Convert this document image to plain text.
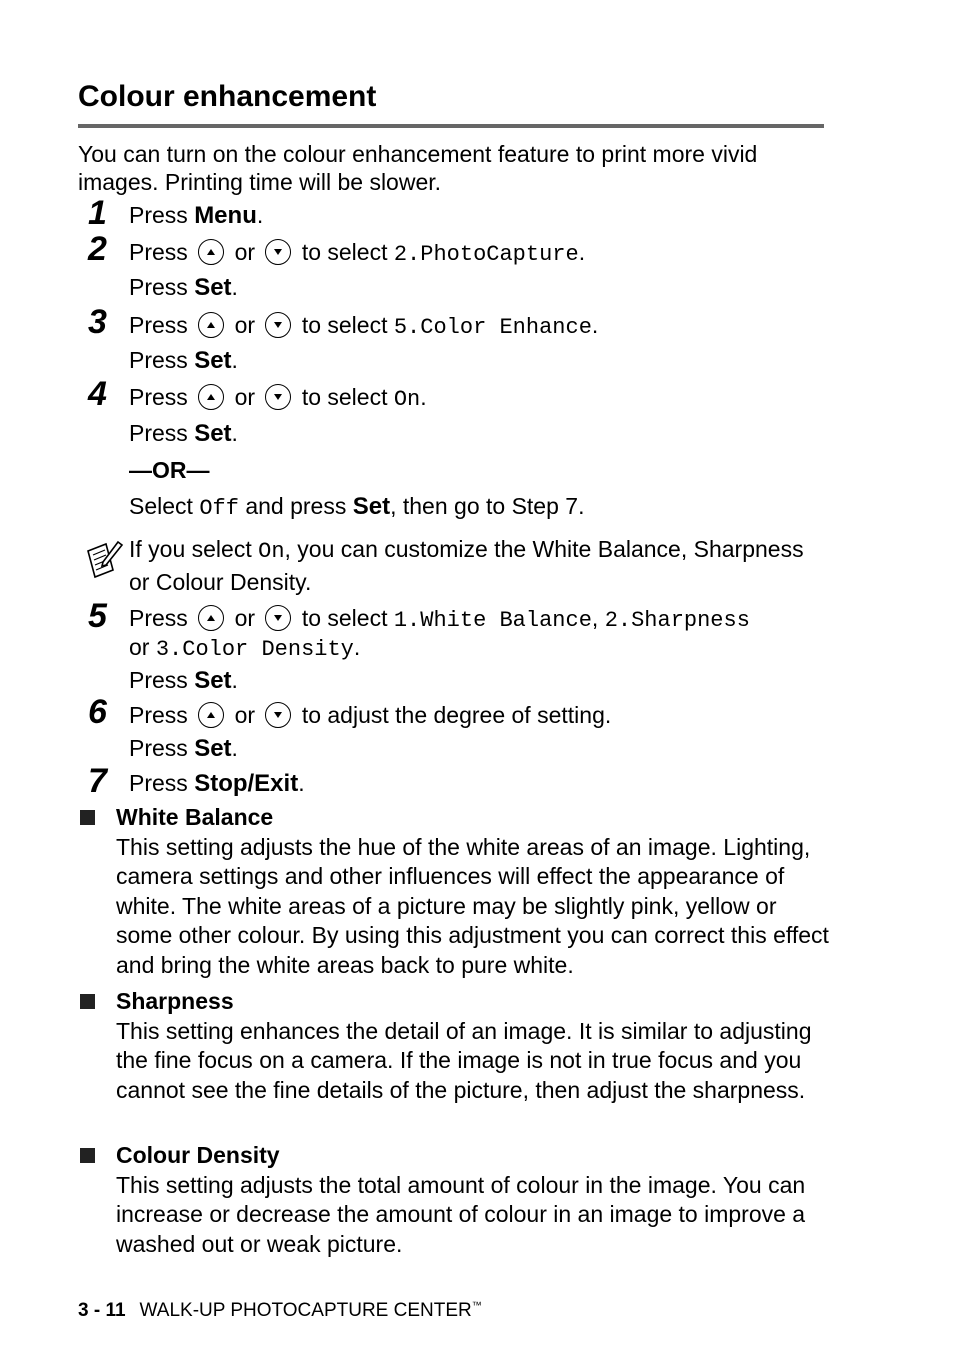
Colour enhancement
You can turn on the colour enhancement feature to print more vivid images. Printing time will be slower.
1 Press Menu.
2 Press or to select 2.PhotoCapture.
Press Set.
3 Press or to select 5.Color Enhance.
Press Set.
4 Press or to select On.
Press Set.
—OR—
Select Off and press Set, then go to Step 7.
If you select On, you can customize the White Balance, Sharpness or Colour Density.
5 Press or to select 1.White Balance, 2.Sharpness
or 3.Color Density.
Press Set.
6 Press or to adjust the degree of setting.
Press Set.
7 Press Stop/Exit.
White Balance
This setting adjusts the hue of the white areas of an image. Lighting, camera settings and other influences will effect the appearance of white. The white areas of a picture may be slightly pink, yellow or some other colour. By using this adjustment you can correct this effect and bring the white areas back to pure white.
Sharpness
This setting enhances the detail of an image. It is similar to adjusting the fine focus on a camera. If the image is not in true focus and you cannot see the fine details of the picture, then adjust the sharpness.
Colour Density
This setting adjusts the total amount of colour in the image. You can increase or decrease the amount of colour in an image to improve a washed out or weak picture.
3 - 11 WALK-UP PHOTOCAPTURE CENTER™
